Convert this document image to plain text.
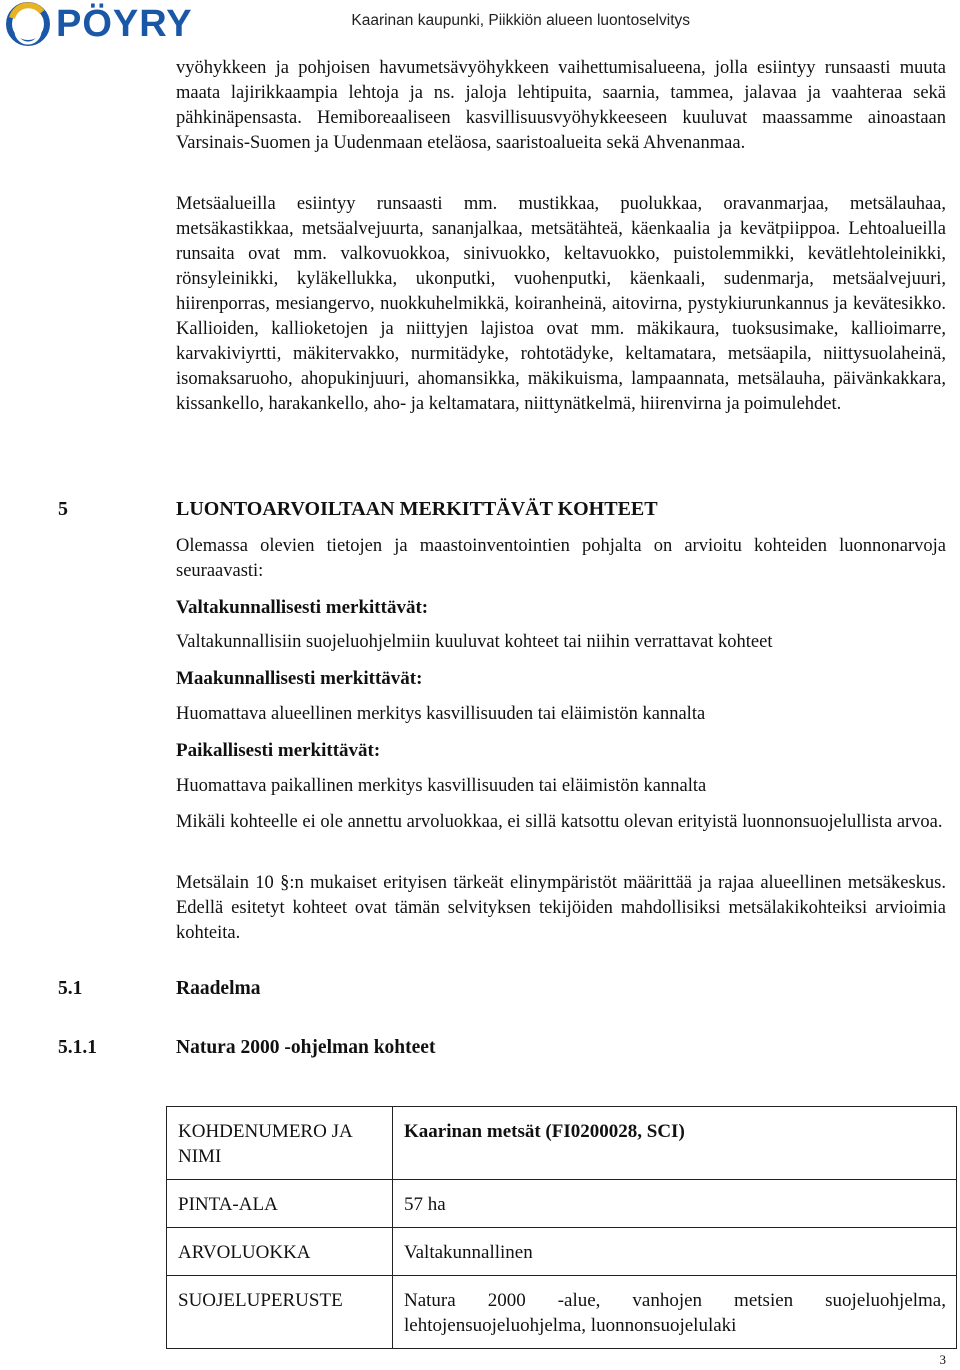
PÖYRY	Kaarinan kaupunki, Piikkiön alueen luontoselvitys

vyöhykkeen ja pohjoisen havumetsävyöhykkeen vaihettumisalueena, jolla esiintyy runsaasti muuta maata lajirikkaampia lehtoja ja ns. jaloja lehtipuita, saarnia, tammea, jalavaa ja vaahteraa sekä pähkinäpensasta. Hemiboreaaliseen kasvillisuusvyöhykkeeseen kuuluvat maassamme ainoastaan Varsinais-Suomen ja Uudenmaan eteläosa, saaristoalueita sekä Ahvenanmaa.

Metsäalueilla esiintyy runsaasti mm. mustikkaa, puolukkaa, oravanmarjaa, metsälauhaa, metsäkastikkaa, metsäalvejuurta, sananjalkaa, metsätähteä, käenkaalia ja kevätpiippoa. Lehtoalueilla runsaita ovat mm. valkovuokkoa, sinivuokko, keltavuokko, puistolemmikki, kevätlehtoleinikki, rönsyleinikki, kyläkellukka, ukonputki, vuohenputki, käenkaali, sudenmarja, metsäalvejuuri, hiirenporras, mesiangervo, nuokkuhelmikkä, koiranheinä, aitovirna, pystykiurunkannus ja kevätesikko. Kallioiden, kallioketojen ja niittyjen lajistoa ovat mm. mäkikaura, tuoksusimake, kallioimarre, karvakiviyrtti, mäkitervakko, nurmitädyke, rohtotädyke, keltamatara, metsäapila, niittysuolaheinä, isomaksaruoho, ahopukinjuuri, ahomansikka, mäkikuisma, lampaannata, metsälauha, päivänkakkara, kissankello, harakankello, aho- ja keltamatara, niittynätkelmä, hiirenvirna ja poimulehdet.

5	LUONTOARVOILTAAN MERKITTÄVÄT KOHTEET

Olemassa olevien tietojen ja maastoinventointien pohjalta on arvioitu kohteiden luonnonarvoja seuraavasti:

Valtakunnallisesti merkittävät:

Valtakunnallisiin suojeluohjelmiin kuuluvat kohteet tai niihin verrattavat kohteet

Maakunnallisesti merkittävät:

Huomattava alueellinen merkitys kasvillisuuden tai eläimistön kannalta

Paikallisesti merkittävät:

Huomattava paikallinen merkitys kasvillisuuden tai eläimistön kannalta

Mikäli kohteelle ei ole annettu arvoluokkaa, ei sillä katsottu olevan erityistä luonnonsuojelullista arvoa.

Metsälain 10 §:n mukaiset erityisen tärkeät elinympäristöt määrittää ja rajaa alueellinen metsäkeskus. Edellä esitetyt kohteet ovat tämän selvityksen tekijöiden mahdollisiksi metsälakikohteiksi arvioimia kohteita.

5.1	Raadelma
5.1.1	Natura 2000 -ohjelman kohteet
KOHDENUMERO JA NIMI	Kaarinan metsät (FI0200028, SCI)
PINTA-ALA	57 ha
ARVOLUOKKA	Valtakunnallinen
SUOJELUPERUSTE	Natura 2000 -alue, vanhojen metsien suojeluohjelma, lehtojensuojeluohjelma, luonnonsuojelulaki
3
